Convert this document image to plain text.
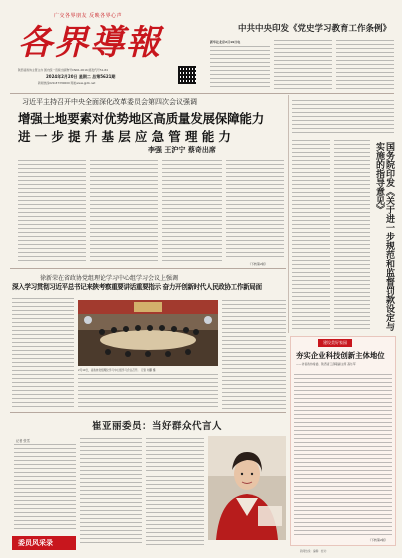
广交各界朋友 反映各界心声
各界導報
陕西省政协主管主办 国内统一连续出版物号CN61-0016 邮发代号51-84
2024年2月20日 星期二 总第5621期
新闻热线029-87330600 网址www.gjdb.net
中共中央印发《党史学习教育工作条例》
新华社北京2月19日电
习近平主持召开中央全面深化改革委员会第四次会议强调
增强土地要素对优势地区高质量发展保障能力
进一步提升基层应急管理能力
李强 王沪宁 蔡奇出席
（下转第2版）	国务院印发《关于进一步规范和监督罚款设定与实施的指导意见》
徐新荣在省政协党组理论学习中心组学习会议上强调
深入学习贯彻习近平总书记来陕考察重要讲话重要指示 奋力开创新时代人民政协工作新局面
2月19日，省政协党组理论学习中心组学习会议召开。 记者 刘鹏 摄
建设美好家园
夯实企业科技创新主体地位
——访省政协常委、陕西省工商联副主席 高乐军
（下转第2版）
崔亚丽委员：当好群众代言人
记者 张雪
委员风采录
新闻热线：编辑：校对：
